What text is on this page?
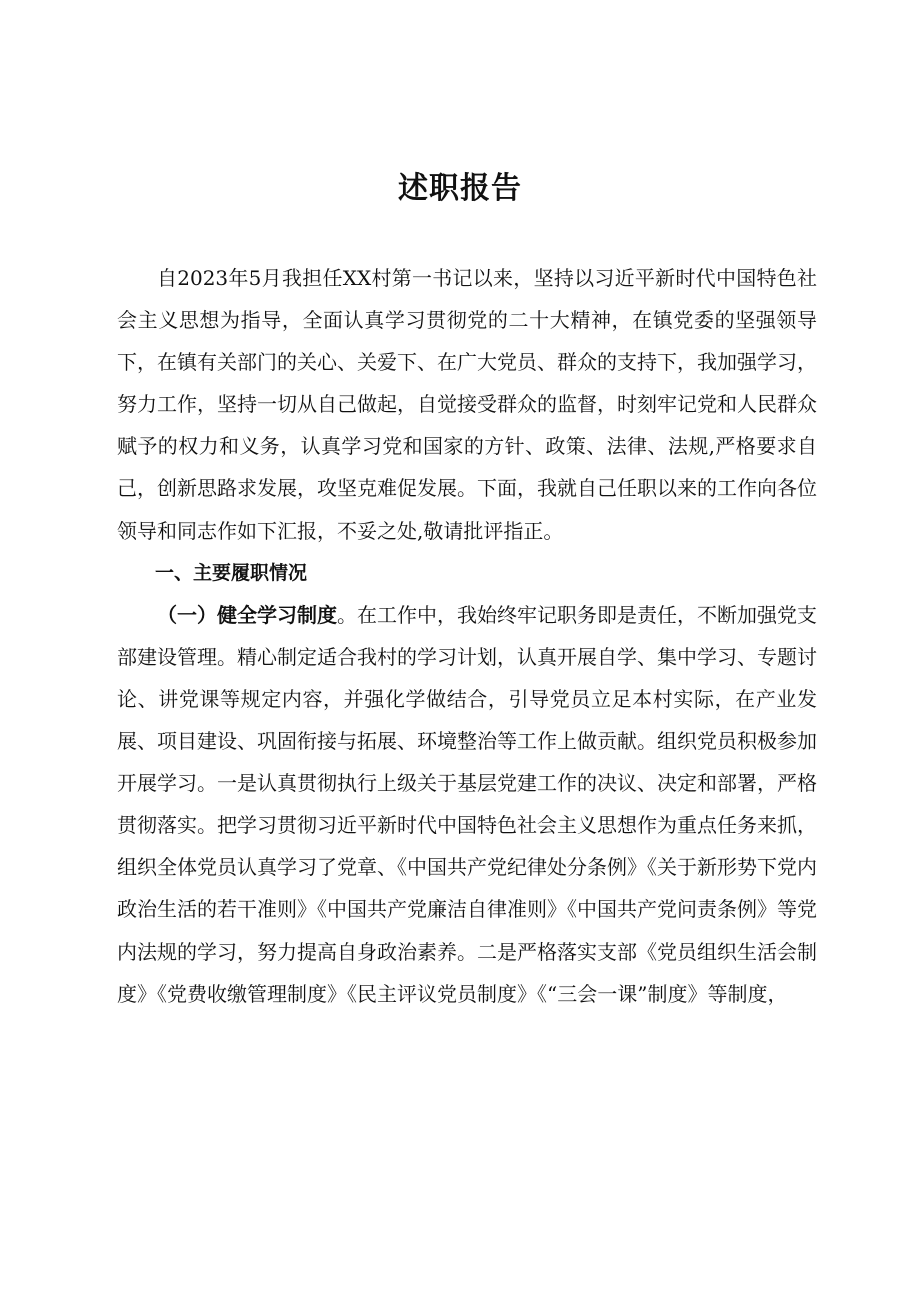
述职报告

自2023年5月我担任XX村第一书记以来，坚持以习近平新时代中国特色社会主义思想为指导，全面认真学习贯彻党的二十大精神，在镇党委的坚强领导下，在镇有关部门的关心、关爱下、在广大党员、群众的支持下，我加强学习，努力工作，坚持一切从自己做起，自觉接受群众的监督，时刻牢记党和人民群众赋予的权力和义务，认真学习党和国家的方针、政策、法律、法规,严格要求自己，创新思路求发展，攻坚克难促发展。下面，我就自己任职以来的工作向各位领导和同志作如下汇报，不妥之处,敬请批评指正。

一、主要履职情况

（一）健全学习制度。在工作中，我始终牢记职务即是责任，不断加强党支部建设管理。精心制定适合我村的学习计划，认真开展自学、集中学习、专题讨论、讲党课等规定内容，并强化学做结合，引导党员立足本村实际，在产业发展、项目建设、巩固衔接与拓展、环境整治等工作上做贡献。组织党员积极参加开展学习。一是认真贯彻执行上级关于基层党建工作的决议、决定和部署，严格贯彻落实。把学习贯彻习近平新时代中国特色社会主义思想作为重点任务来抓，组织全体党员认真学习了党章、《中国共产党纪律处分条例》《关于新形势下党内政治生活的若干准则》《中国共产党廉洁自律准则》《中国共产党问责条例》等党内法规的学习，努力提高自身政治素养。二是严格落实支部《党员组织生活会制度》《党费收缴管理制度》《民主评议党员制度》《“三会一课”制度》等制度，
